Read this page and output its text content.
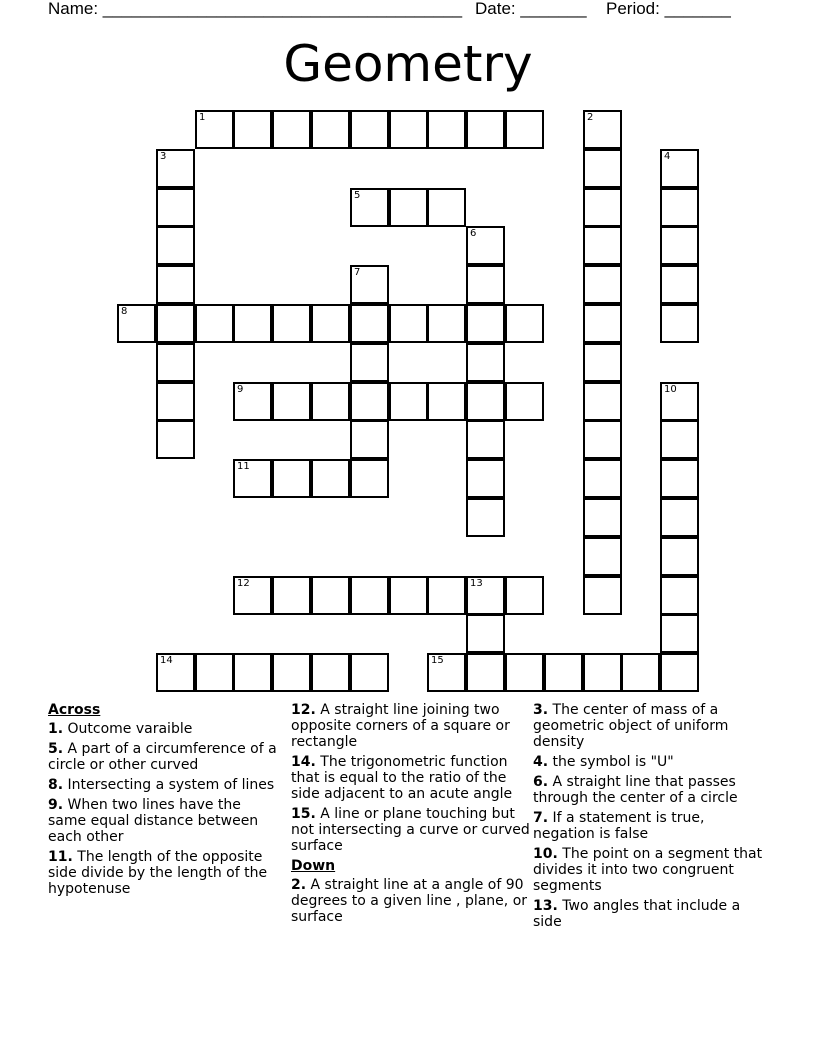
Name: ______________________________________ Date: _______ Period: _______
Geometry
1	2
3	4
5
6
7
8
9	10
11
12	13
14	15
Across
1. Outcome varaible
5. A part of a circumference of a circle or other curved
8. Intersecting a system of lines
9. When two lines have the same equal distance between each other
11. The length of the opposite side divide by the length of the hypotenuse
12. A straight line joining two opposite corners of a square or rectangle
14. The trigonometric function that is equal to the ratio of the side adjacent to an acute angle
15. A line or plane touching but not intersecting a curve or curved surface
Down
2. A straight line at a angle of 90 degrees to a given line , plane, or surface
3. The center of mass of a geometric object of uniform density
4. the symbol is "U"
6. A straight line that passes through the center of a circle
7. If a statement is true, negation is false
10. The point on a segment that divides it into two congruent segments
13. Two angles that include a side
